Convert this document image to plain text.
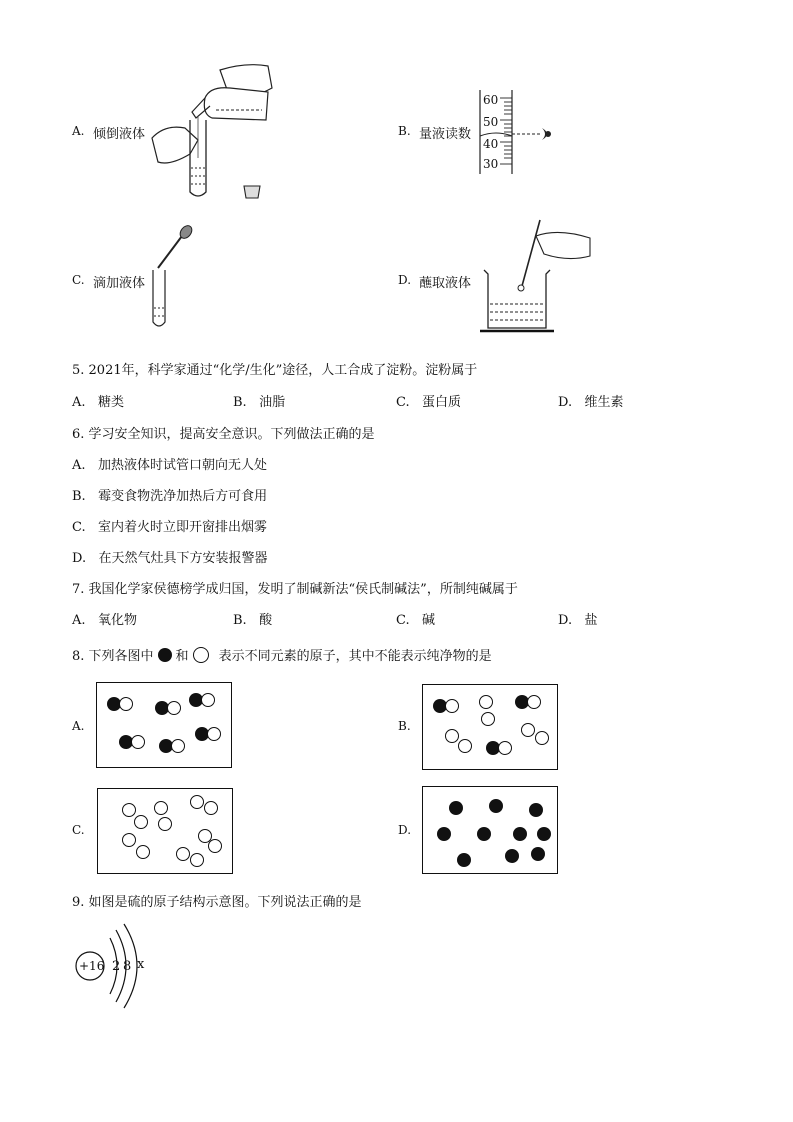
A. 倾倒液体	B. 量液读数
60
50
40
30
C. 滴加液体	D. 蘸取液体
5. 2021年，科学家通过“化学/生化”途径，人工合成了淀粉。淀粉属于
A. 糖类	B. 油脂	C. 蛋白质	D. 维生素
6. 学习安全知识，提高安全意识。下列做法正确的是
A. 加热液体时试管口朝向无人处
B. 霉变食物洗净加热后方可食用
C. 室内着火时立即开窗排出烟雾
D. 在天然气灶具下方安装报警器
7. 我国化学家侯德榜学成归国，发明了制碱新法“侯氏制碱法”，所制纯碱属于
A. 氧化物	B. 酸	C. 碱	D. 盐
8. 下列各图中 和 表示不同元素的原子，其中不能表示纯净物的是
A.	B.
C.	D.
9. 如图是硫的原子结构示意图。下列说法正确的是
+16 2 8 x
